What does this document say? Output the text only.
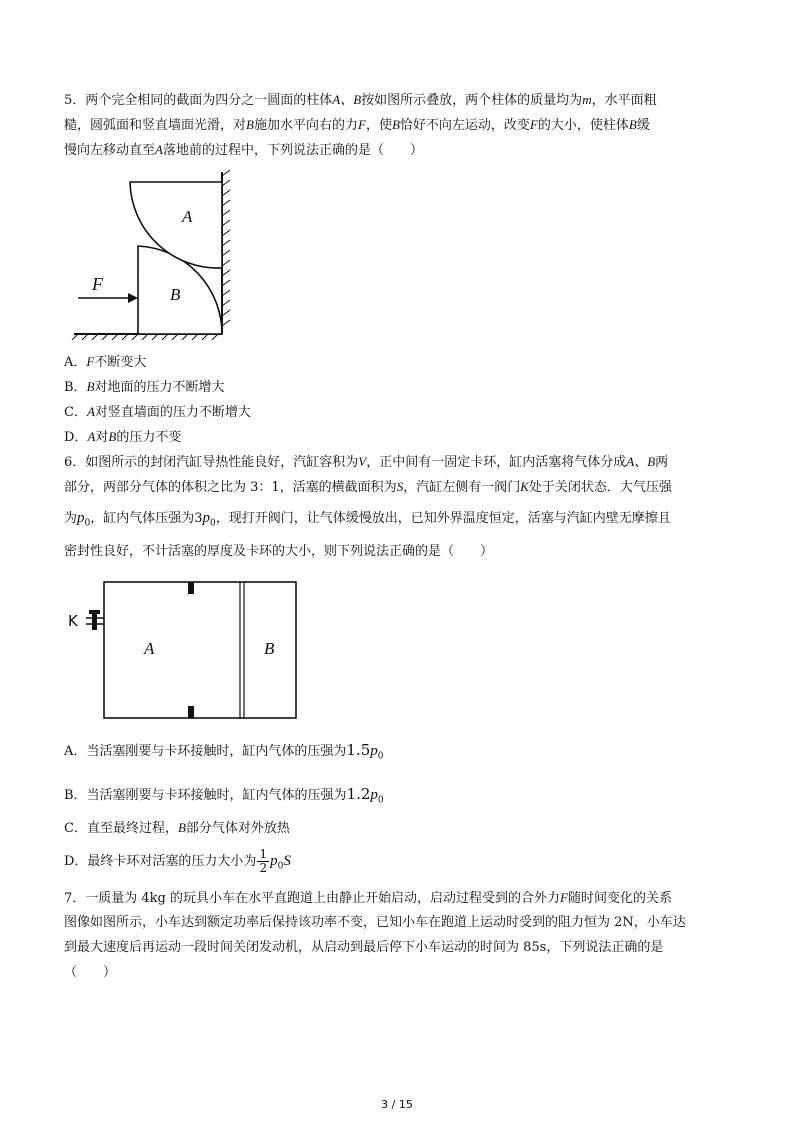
5．两个完全相同的截面为四分之一圆面的柱体A、B按如图所示叠放，两个柱体的质量均为m，水平面粗
糙，圆弧面和竖直墙面光滑，对B施加水平向右的力F，使B恰好不向左运动，改变F的大小，使柱体B缓
慢向左移动直至A落地前的过程中，下列说法正确的是（　　）
F
B
A
A．F不断变大
B．B对地面的压力不断增大
C．A对竖直墙面的压力不断增大
D．A对B的压力不变
6．如图所示的封闭汽缸导热性能良好，汽缸容积为V，正中间有一固定卡环，缸内活塞将气体分成A、B两
部分，两部分气体的体积之比为 3：1，活塞的横截面积为S，汽缸左侧有一阀门K处于关闭状态．大气压强
为$p_0$，缸内气体压强为$3p_0$，现打开阀门，让气体缓慢放出，已知外界温度恒定，活塞与汽缸内壁无摩擦且
密封性良好，不计活塞的厚度及卡环的大小，则下列说法正确的是（　　）
K
A	B
A．当活塞刚要与卡环接触时，缸内气体的压强为$1.5p_0$
B．当活塞刚要与卡环接触时，缸内气体的压强为$1.2p_0$
C．直至最终过程，B部分气体对外放热
D．最终卡环对活塞的压力大小为 $\frac{1}{2} p_0S$
7．一质量为 4kg 的玩具小车在水平直跑道上由静止开始启动，启动过程受到的合外力F随时间变化的关系
图像如图所示，小车达到额定功率后保持该功率不变，已知小车在跑道上运动时受到的阻力恒为 2N，小车达
到最大速度后再运动一段时间关闭发动机，从启动到最后停下小车运动的时间为 85s，下列说法正确的是
（　　）
3 / 15
